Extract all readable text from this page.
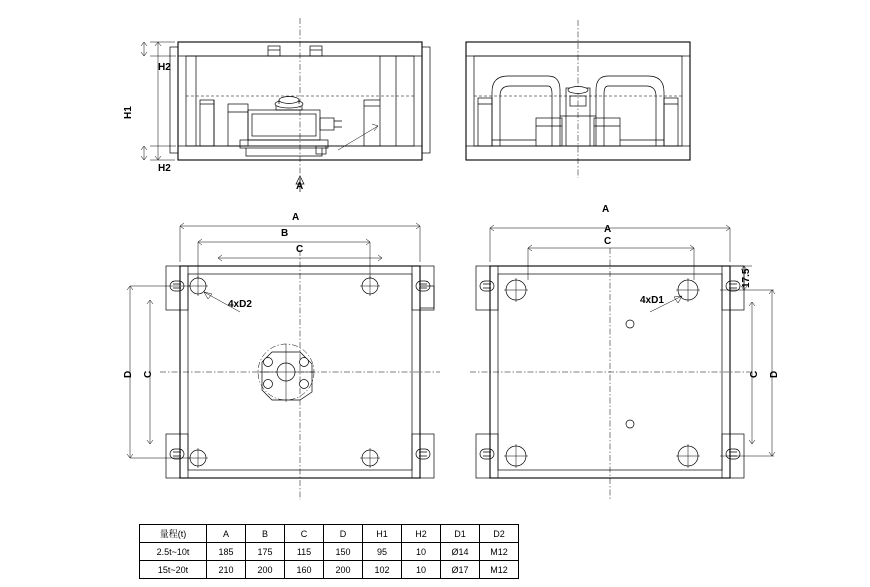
H2
H1
H2
A
A
B
C
D C
4xD2
A
A
C
D
C
17.5
4xD1
量程(t)	A	B	C	D	H1	H2	D1	D2
2.5t~10t	185	175	115	150	95	10	Ø14	M12
15t~20t	210	200	160	200	102	10	Ø17	M12
